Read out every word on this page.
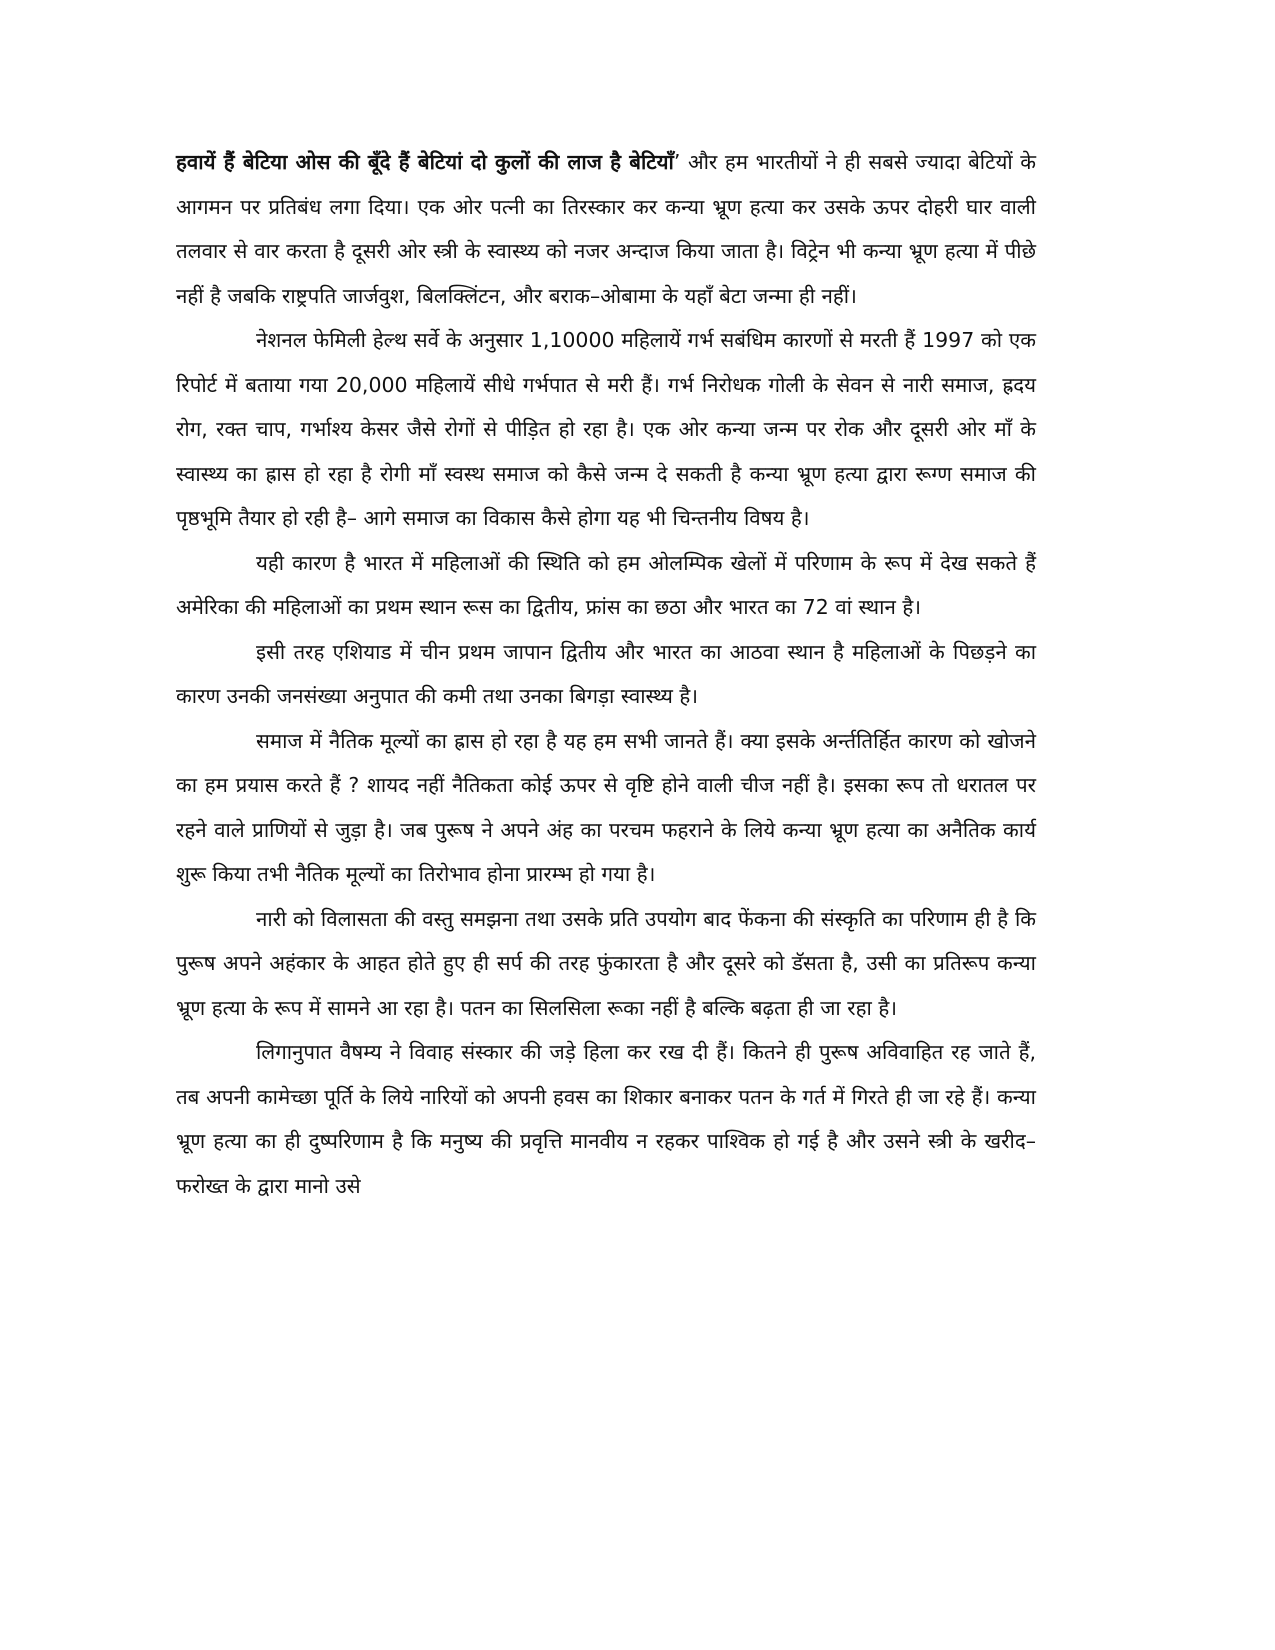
हवायें हैं बेटिया ओस की बूँदे हैं बेटियां दो कुलों की लाज है बेटियाँ’ और हम भारतीयों ने ही सबसे ज्यादा बेटियों के आगमन पर प्रतिबंध लगा दिया। एक ओर पत्नी का तिरस्कार कर कन्या भ्रूण हत्या कर उसके ऊपर दोहरी घार वाली तलवार से वार करता है दूसरी ओर स्त्री के स्वास्थ्य को नजर अन्दाज किया जाता है। विट्रेन भी कन्या भ्रूण हत्या में पीछे नहीं है जबकि राष्ट्रपति जार्जवुश, बिलक्लिंटन, और बराक–ओबामा के यहाँ बेटा जन्मा ही नहीं।

नेशनल फेमिली हेल्थ सर्वे के अनुसार 1,10000 महिलायें गर्भ सबंधिम कारणों से मरती हैं 1997 को एक रिपोर्ट में बताया गया 20,000 महिलायें सीधे गर्भपात से मरी हैं। गर्भ निरोधक गोली के सेवन से नारी समाज, ह्रदय रोग, रक्त चाप, गर्भाश्य केसर जैसे रोगों से पीड़ित हो रहा है। एक ओर कन्या जन्म पर रोक और दूसरी ओर माँ के स्वास्थ्य का ह्रास हो रहा है रोगी माँ स्वस्थ समाज को कैसे जन्म दे सकती है कन्या भ्रूण हत्या द्वारा रूग्ण समाज की पृष्ठभूमि तैयार हो रही है– आगे समाज का विकास कैसे होगा यह भी चिन्तनीय विषय है।

यही कारण है भारत में महिलाओं की स्थिति को हम ओलम्पिक खेलों में परिणाम के रूप में देख सकते हैं अमेरिका की महिलाओं का प्रथम स्थान रूस का द्वितीय, फ्रांस का छठा और भारत का 72 वां स्थान है।

इसी तरह एशियाड में चीन प्रथम जापान द्वितीय और भारत का आठवा स्थान है महिलाओं के पिछड़ने का कारण उनकी जनसंख्या अनुपात की कमी तथा उनका बिगड़ा स्वास्थ्य है।

समाज में नैतिक मूल्यों का ह्रास हो रहा है यह हम सभी जानते हैं। क्या इसके अर्न्ततिर्हित कारण को खोजने का हम प्रयास करते हैं ? शायद नहीं नैतिकता कोई ऊपर से वृष्टि होने वाली चीज नहीं है। इसका रूप तो धरातल पर रहने वाले प्राणियों से जुड़ा है। जब पुरूष ने अपने अंह का परचम फहराने के लिये कन्या भ्रूण हत्या का अनैतिक कार्य शुरू किया तभी नैतिक मूल्यों का तिरोभाव होना प्रारम्भ हो गया है।

नारी को विलासता की वस्तु समझना तथा उसके प्रति उपयोग बाद फेंकना की संस्कृति का परिणाम ही है कि पुरूष अपने अहंकार के आहत होते हुए ही सर्प की तरह फुंकारता है और दूसरे को डॅसता है, उसी का प्रतिरूप कन्या भ्रूण हत्या के रूप में सामने आ रहा है। पतन का सिलसिला रूका नहीं है बल्कि बढ़ता ही जा रहा है।

लिगानुपात वैषम्य ने विवाह संस्कार की जड़े हिला कर रख दी हैं। कितने ही पुरूष अविवाहित रह जाते हैं, तब अपनी कामेच्छा पूर्ति के लिये नारियों को अपनी हवस का शिकार बनाकर पतन के गर्त में गिरते ही जा रहे हैं। कन्या भ्रूण हत्या का ही दुष्परिणाम है कि मनुष्य की प्रवृत्ति मानवीय न रहकर पाश्विक हो गई है और उसने स्त्री के खरीद–फरोख्त के द्वारा मानो उसे
